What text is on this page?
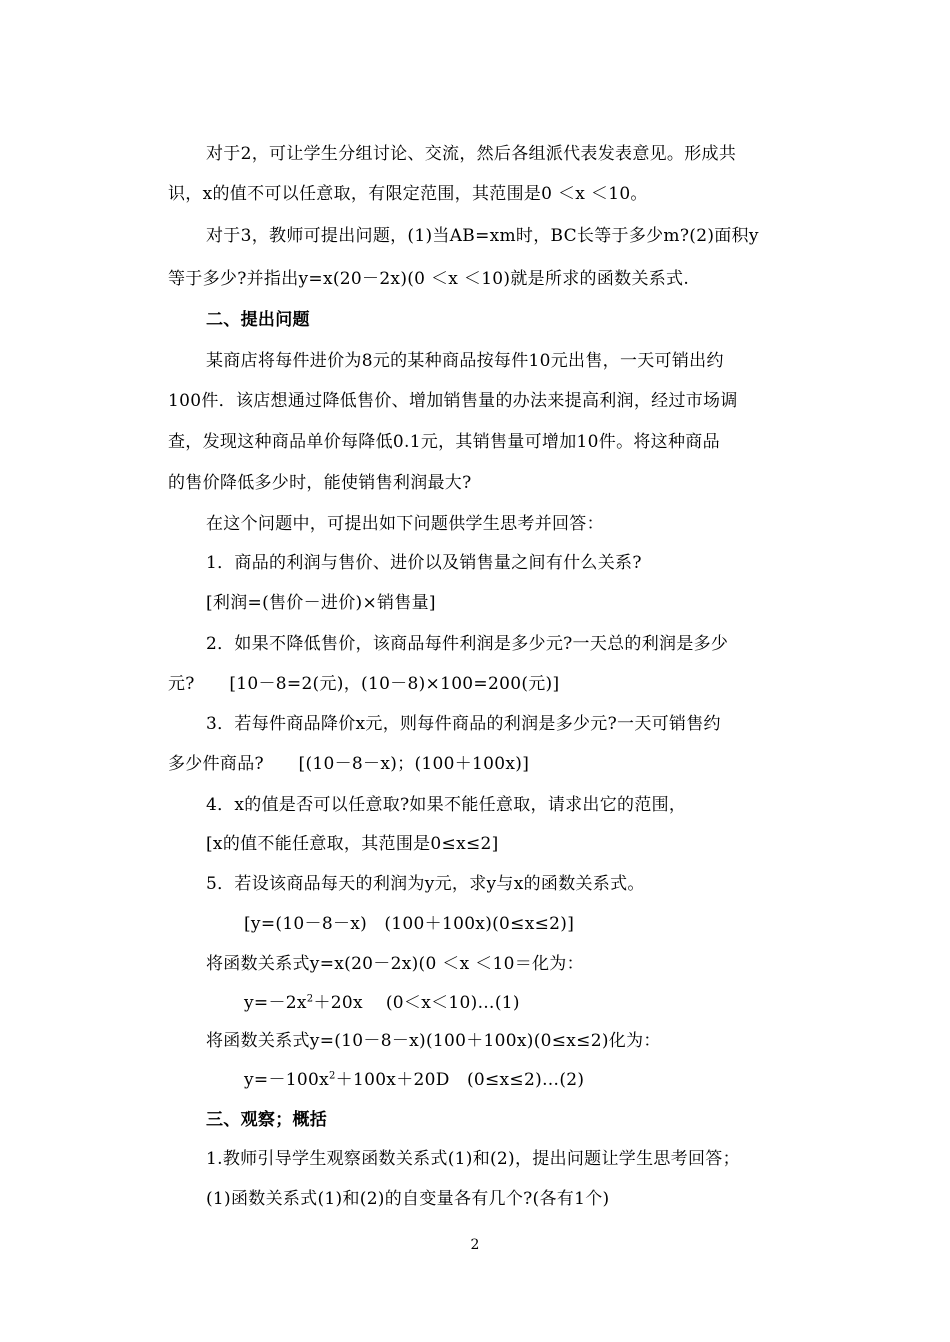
对于2，可让学生分组讨论、交流，然后各组派代表发表意见。形成共
识，x的值不可以任意取，有限定范围，其范围是0 ＜x ＜10。
对于3，教师可提出问题，(1)当AB=xm时，BC长等于多少m?(2)面积y
等于多少?并指出y=x(20－2x)(0 ＜x ＜10)就是所求的函数关系式.
二、提出问题
某商店将每件进价为8元的某种商品按每件10元出售，一天可销出约
100件．该店想通过降低售价、增加销售量的办法来提高利润，经过市场调
查，发现这种商品单价每降低0.1元，其销售量可增加10件。将这种商品
的售价降低多少时，能使销售利润最大?
在这个问题中，可提出如下问题供学生思考并回答：
1．商品的利润与售价、进价以及销售量之间有什么关系?
[利润=(售价－进价)×销售量]
2．如果不降低售价，该商品每件利润是多少元?一天总的利润是多少
元?　　[10－8=2(元)，(10－8)×100=200(元)]
3．若每件商品降价x元，则每件商品的利润是多少元?一天可销售约
多少件商品?　　[(10－8－x)；(100＋100x)]
4．x的值是否可以任意取?如果不能任意取，请求出它的范围，
[x的值不能任意取，其范围是0≤x≤2]
5．若设该商品每天的利润为y元，求y与x的函数关系式。
[y=(10－8－x)　(100＋100x)(0≤x≤2)]
将函数关系式y=x(20－2x)(0 ＜x ＜10＝化为：
$y=-2x^2+20x$　 (0＜x＜10)…(1)
将函数关系式y=(10－8－x)(100＋100x)(0≤x≤2)化为：
$y=-100x^2+100x+20D$　(0≤x≤2)…(2)
三、观察；概括
1.教师引导学生观察函数关系式(1)和(2)，提出问题让学生思考回答；
(1)函数关系式(1)和(2)的自变量各有几个?(各有1个)
2
